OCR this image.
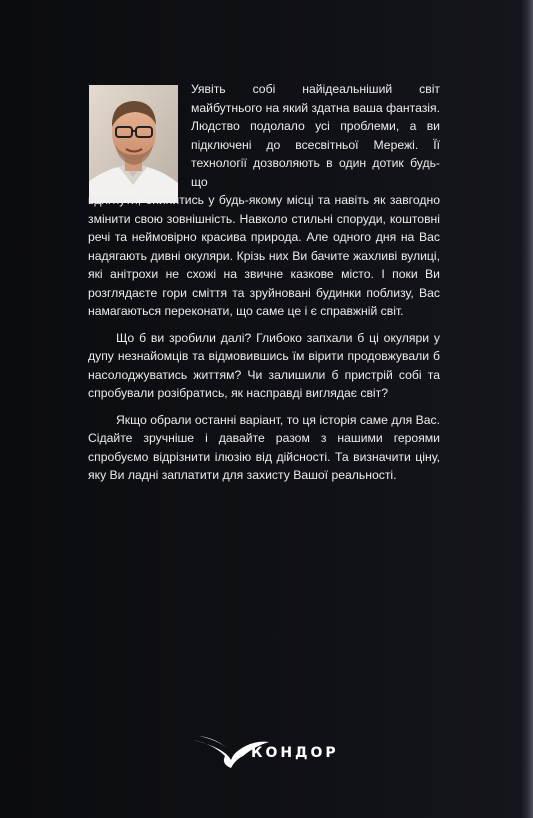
Уявіть собі найідеальніший світ майбутнього на який здатна ваша фантазія. Людство подолало усі проблеми, а ви підключені до всесвітньої Мережі. Її технології дозволяють в один дотик будь-що

вдягнути, опинитись у будь-якому місці та навіть як завгодно змінити свою зовнішність. Навколо стильні споруди, коштовні речі та неймовірно красива природа. Але одного дня на Вас надягають дивні окуляри. Крізь них Ви бачите жахливі вулиці, які анітрохи не схожі на звичне казкове місто. І поки Ви розглядаєте гори сміття та зруйновані будинки поблизу, Вас намагаються переконати, що саме це і є справжній світ.

Що б ви зробили далі? Глибоко запхали б ці окуляри у дупу незнайомців та відмовившись їм вірити продовжували б насолоджуватись життям? Чи залишили б пристрій собі та спробували розібратись, як насправді виглядає світ?

Якщо обрали останні варіант, то ця історія саме для Вас. Сідайте зручніше і давайте разом з нашими героями спробуємо відрізнити ілюзію від дійсності. Та визначити ціну, яку Ви ладні заплатити для захисту Вашої реальності.

КОНДОР
